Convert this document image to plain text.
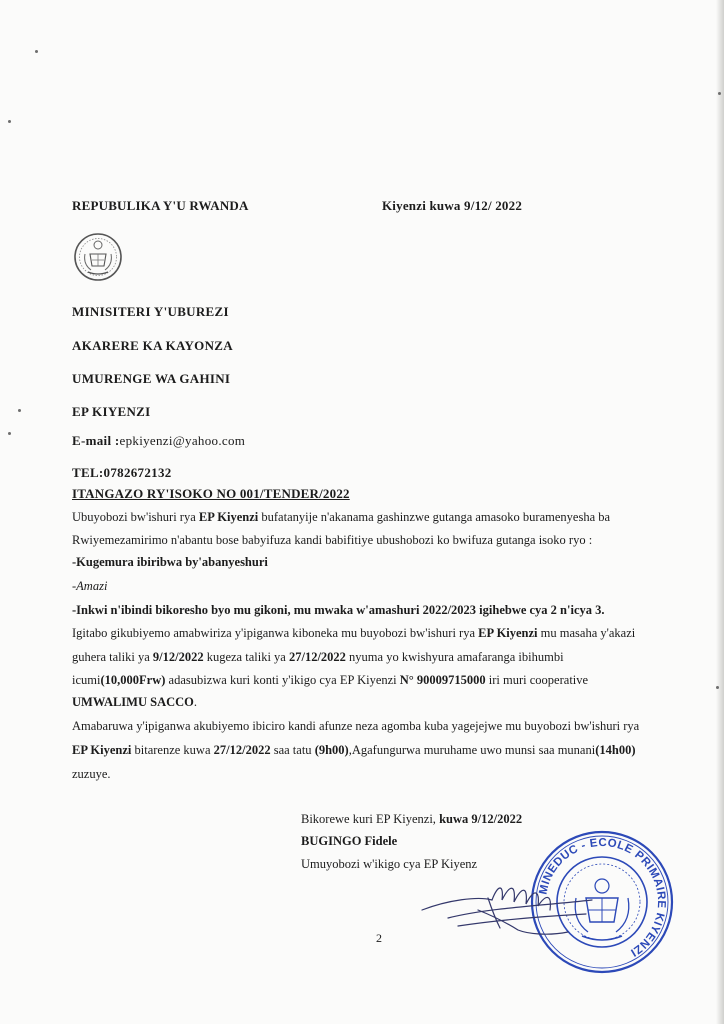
REPUBULIKA Y'U RWANDA	Kiyenzi kuwa 9/12/ 2022
MINISITERI Y'UBUREZI
AKARERE KA KAYONZA
UMURENGE WA GAHINI
EP KIYENZI
E-mail :epkiyenzi@yahoo.com
TEL:0782672132
ITANGAZO RY'ISOKO NO 001/TENDER/2022
Ubuyobozi bw'ishuri rya EP Kiyenzi bufatanyije n'akanama gashinzwe gutanga amasoko buramenyesha ba
Rwiyemezamirimo n'abantu bose babyifuza kandi babifitiye ubushobozi ko bwifuza gutanga isoko ryo :
-Kugemura ibiribwa by'abanyeshuri
-Amazi
-Inkwi n'ibindi bikoresho byo mu gikoni, mu mwaka w'amashuri 2022/2023 igihebwe cya 2 n'icya 3.
Igitabo gikubiyemo amabwiriza y'ipiganwa kiboneka mu buyobozi bw'ishuri rya EP Kiyenzi mu masaha y'akazi
guhera taliki ya 9/12/2022 kugeza taliki ya 27/12/2022 nyuma yo kwishyura amafaranga ibihumbi
icumi(10,000Frw) adasubizwa kuri konti y'ikigo cya EP Kiyenzi N° 90009715000 iri muri cooperative
UMWALIMU SACCO.
Amabaruwa y'ipiganwa akubiyemo ibiciro kandi afunze neza agomba kuba yagejejwe mu buyobozi bw'ishuri rya
EP Kiyenzi bitarenze kuwa 27/12/2022 saa tatu (9h00),Agafungurwa muruhame uwo munsi saa munani(14h00)
zuzuye.
Bikorewe kuri EP Kiyenzi, kuwa 9/12/2022
BUGINGO Fidele
Umuyobozi w'ikigo cya EP Kiyenz
MINEDUC - ECOLE PRIMAIRE KIYENZI
2
